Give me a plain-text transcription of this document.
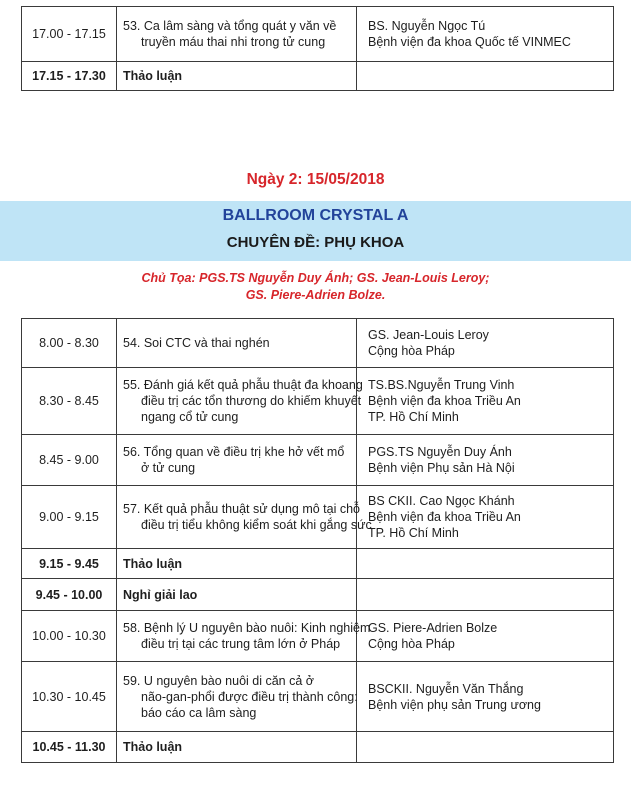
17.00 - 17.15	53. Ca lâm sàng và tổng quát y văn về
truyền máu thai nhi trong tử cung	BS. Nguyễn Ngọc Tú
Bệnh viện đa khoa Quốc tế VINMEC

17.15 - 17.30	Thảo luận	
Ngày 2: 15/05/2018
BALLROOM CRYSTAL A
CHUYÊN ĐỀ: PHỤ KHOA
Chủ Tọa: PGS.TS Nguyễn Duy Ánh; GS. Jean-Louis Leroy;
GS. Piere-Adrien Bolze.
8.00 - 8.30	54. Soi CTC và thai nghén	GS. Jean-Louis Leroy
Cộng hòa Pháp

8.30 - 8.45	55. Đánh giá kết quả phẫu thuật đa khoang
điều trị các tổn thương do khiếm khuyết
ngang cổ tử cung	TS.BS.Nguyễn Trung Vinh
Bệnh viện đa khoa Triều An
TP. Hồ Chí Minh

8.45 - 9.00	56. Tổng quan về điều trị khe hở vết mổ
ở tử cung	PGS.TS Nguyễn Duy Ánh
Bệnh viện Phụ sản Hà Nội

9.00 - 9.15	57. Kết quả phẫu thuật sử dụng mô tại chỗ
điều trị tiểu không kiểm soát khi gắng sức	BS CKII. Cao Ngọc Khánh
Bệnh viện đa khoa Triều An
TP. Hồ Chí Minh

9.15 - 9.45	Thảo luận	
9.45 - 10.00	Nghỉ giải lao	
10.00 - 10.30	58. Bệnh lý U nguyên bào nuôi: Kinh nghiệm
điều trị tại các trung tâm lớn ở Pháp	GS. Piere-Adrien Bolze
Cộng hòa Pháp

10.30 - 10.45	59. U nguyên bào nuôi di căn cả ở
não-gan-phổi được điều trị thành công:
báo cáo ca lâm sàng	BSCKII. Nguyễn Văn Thắng
Bệnh viện phụ sản Trung ương

10.45 - 11.30	Thảo luận	
